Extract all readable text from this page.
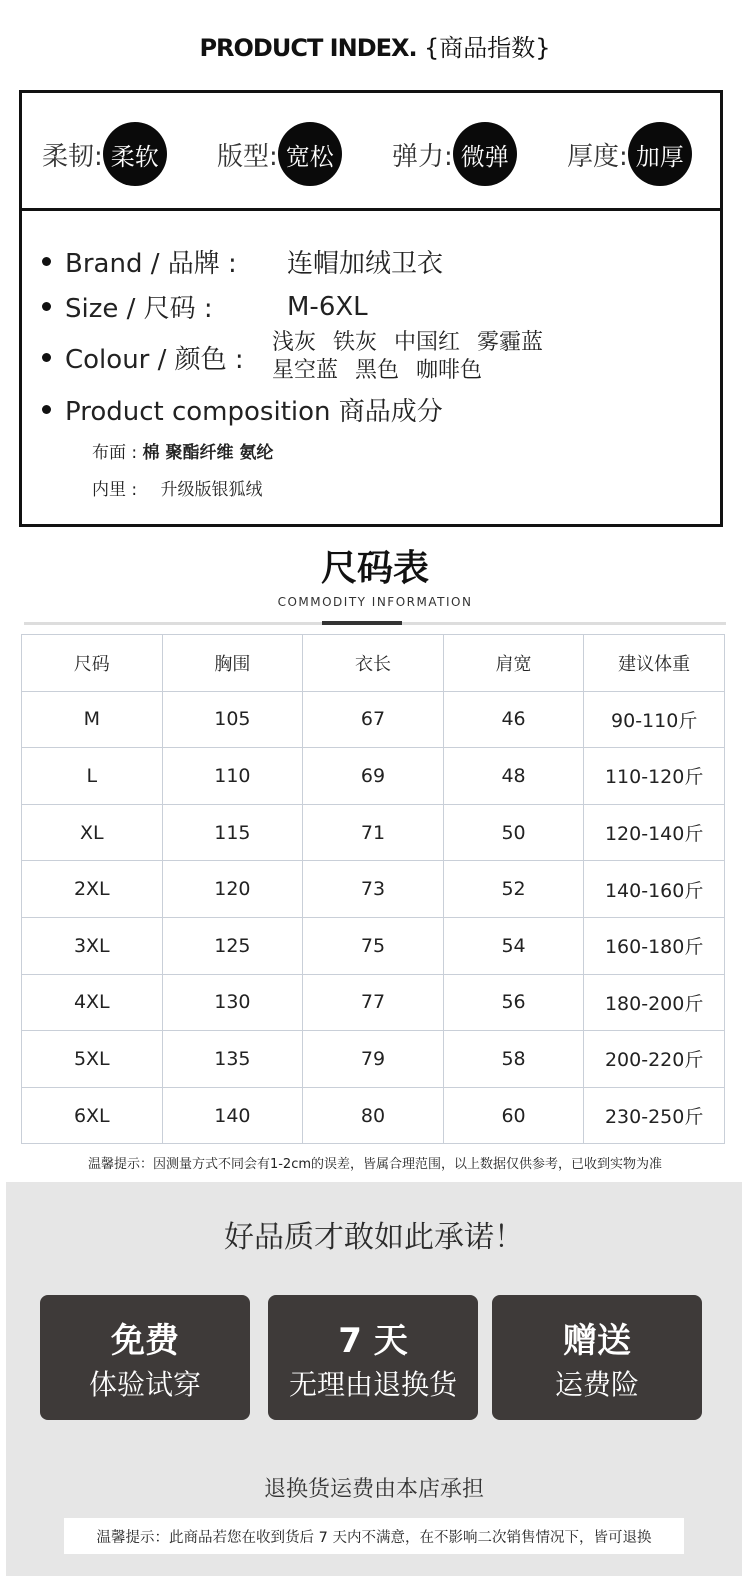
PRODUCT INDEX. {商品指数}
柔韧: 柔软	版型: 宽松	弹力: 微弹	厚度: 加厚
Brand / 品牌 :	连帽加绒卫衣
Size / 尺码 :	M-6XL
Colour / 颜色 :
浅灰 铁灰 中国红 雾霾蓝
星空蓝 黑色 咖啡色
Product composition 商品成分
布面 : 棉 聚酯纤维 氨纶
内里 : 升级版银狐绒
尺码表
COMMODITY INFORMATION
尺码	胸围	衣长	肩宽	建议体重
M	105	67	46	90-110斤
L	110	69	48	110-120斤
XL	115	71	50	120-140斤
2XL	120	73	52	140-160斤
3XL	125	75	54	160-180斤
4XL	130	77	56	180-200斤
5XL	135	79	58	200-220斤
6XL	140	80	60	230-250斤
温馨提示：因测量方式不同会有1-2cm的误差，皆属合理范围，以上数据仅供参考，已收到实物为准
好品质才敢如此承诺！
免费
体验试穿
7 天
无理由退换货
赠送
运费险
退换货运费由本店承担
温馨提示：此商品若您在收到货后 7 天内不满意，在不影响二次销售情况下，皆可退换
